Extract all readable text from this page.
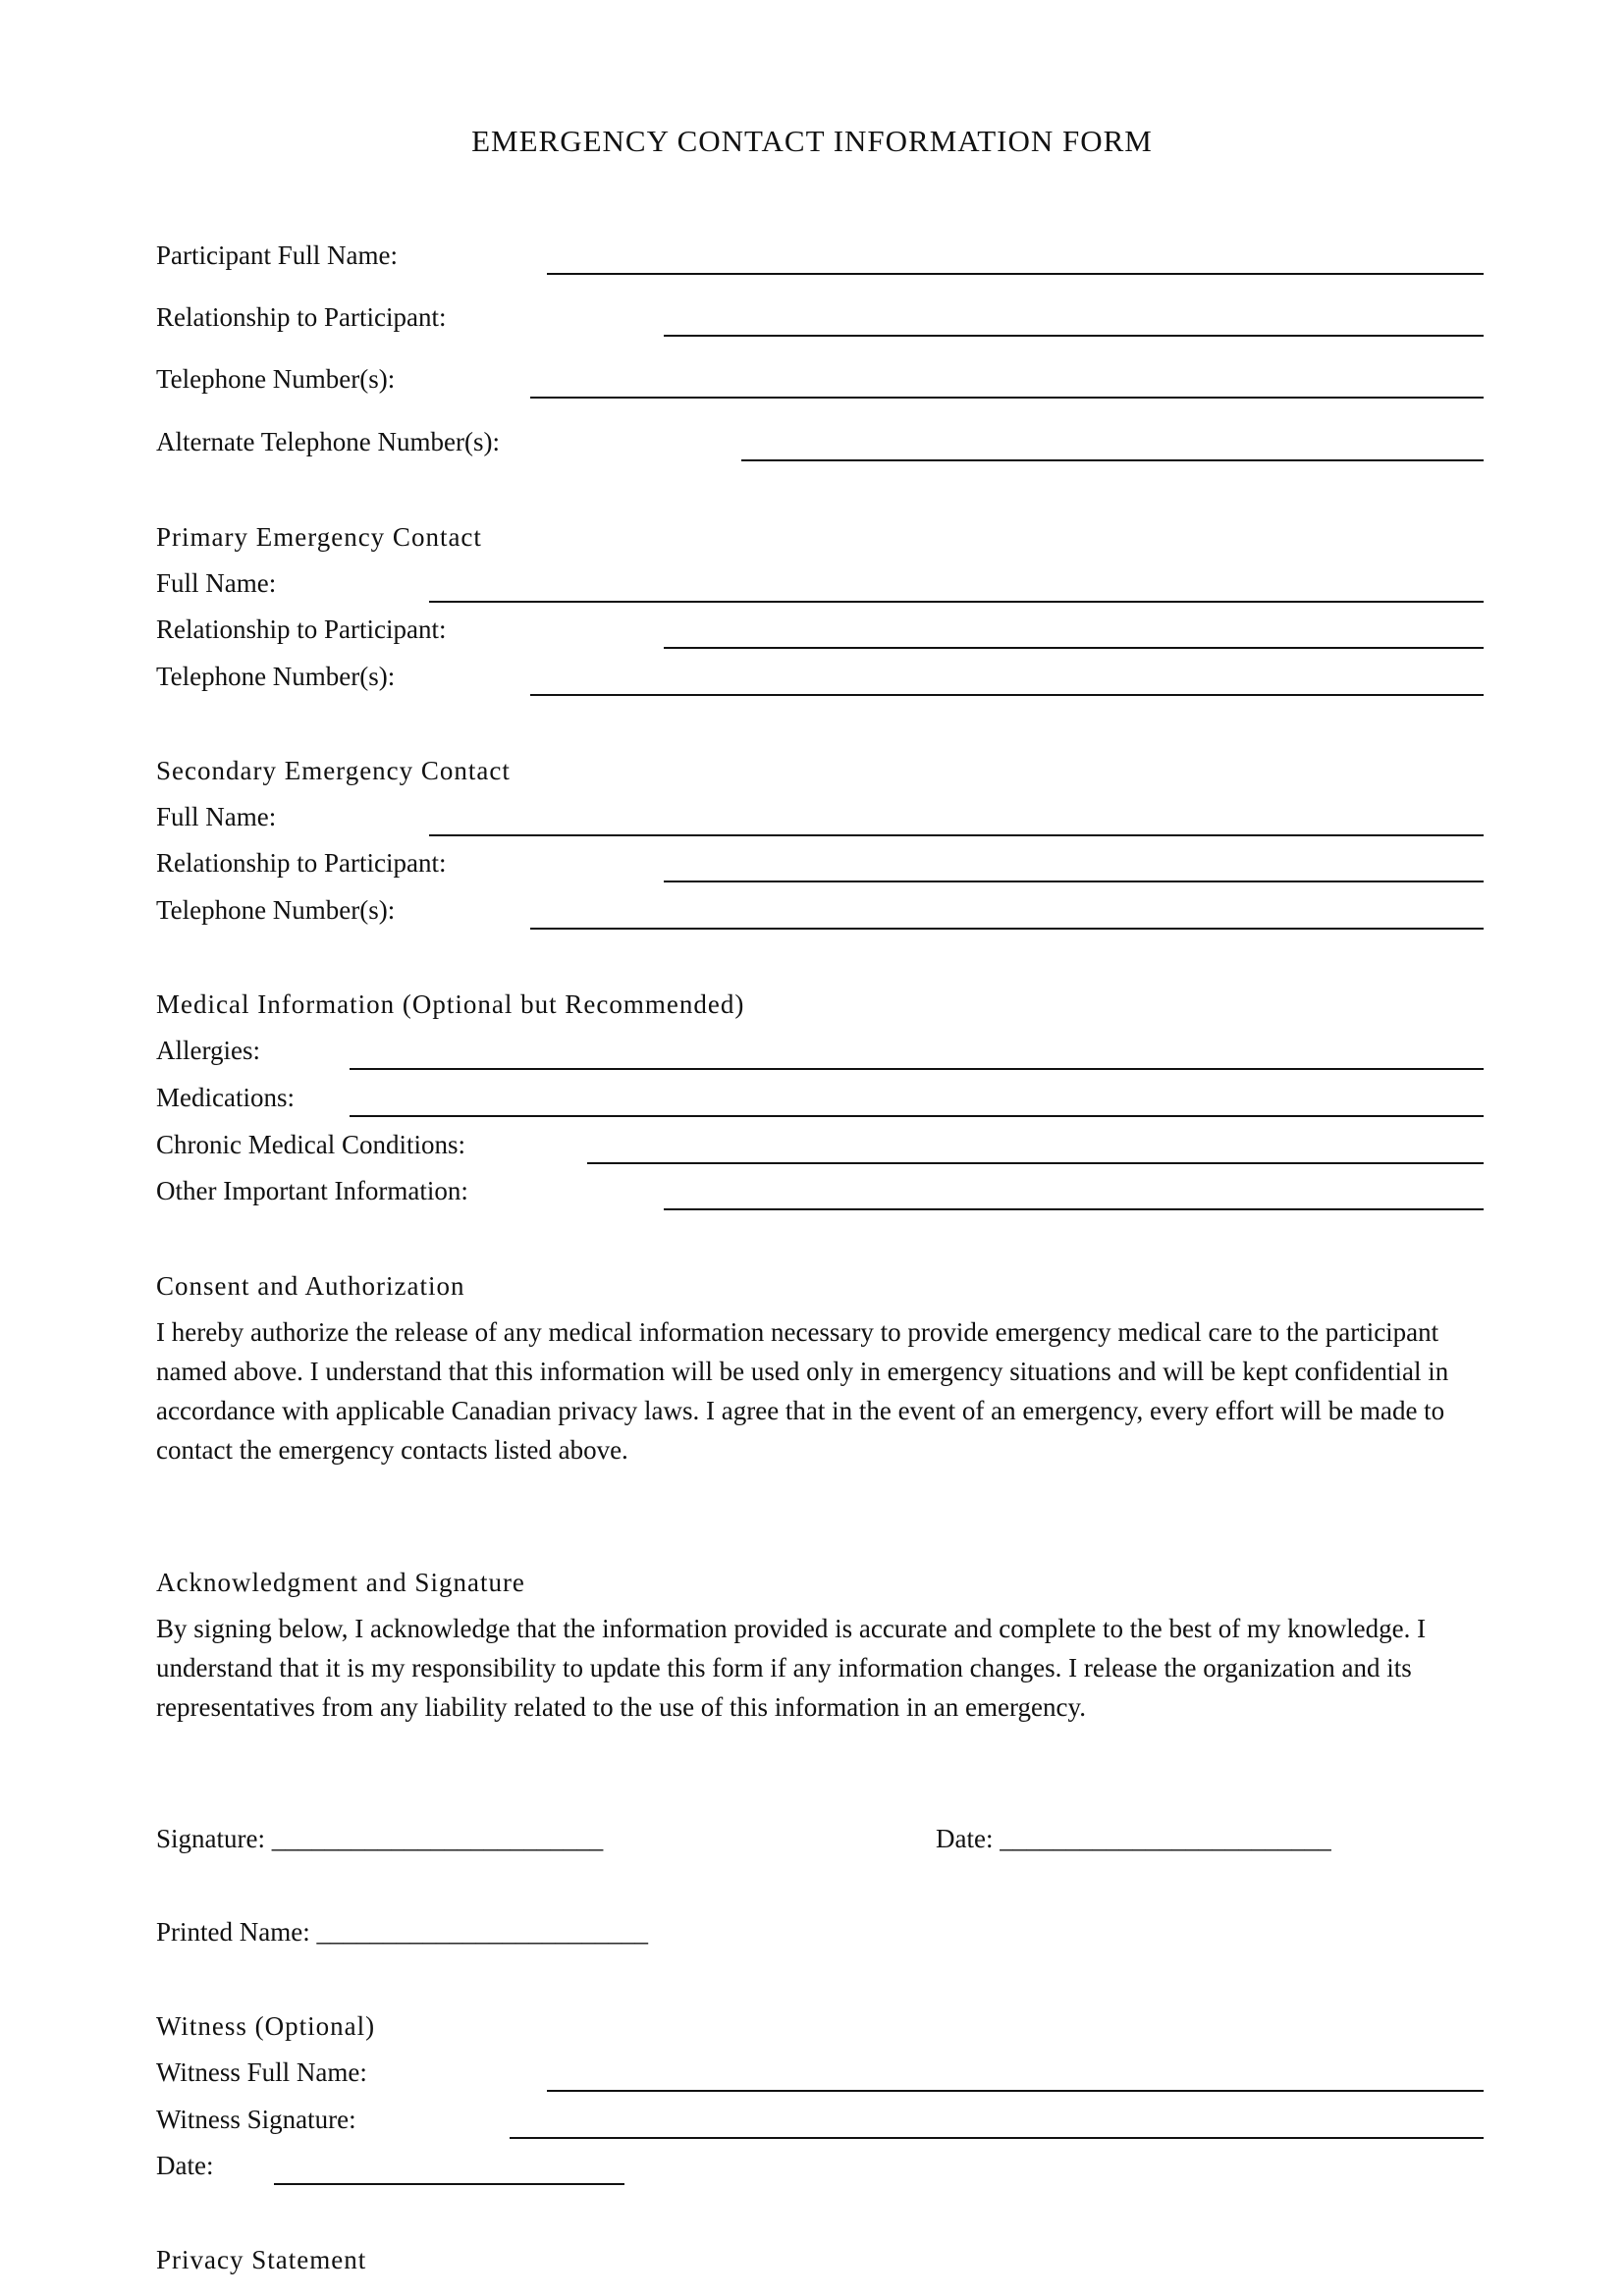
EMERGENCY CONTACT INFORMATION FORM
Participant Full Name:
Relationship to Participant:
Telephone Number(s):
Alternate Telephone Number(s):
Primary Emergency Contact
Full Name:
Relationship to Participant:
Telephone Number(s):
Secondary Emergency Contact
Full Name:
Relationship to Participant:
Telephone Number(s):
Medical Information (Optional but Recommended)
Allergies:
Medications:
Chronic Medical Conditions:
Other Important Information:
Consent and Authorization
I hereby authorize the release of any medical information necessary to provide emergency medical care to the participant named above. I understand that this information will be used only in emergency situations and will be kept confidential in accordance with applicable Canadian privacy laws. I agree that in the event of an emergency, every effort will be made to contact the emergency contacts listed above.
Acknowledgment and Signature
By signing below, I acknowledge that the information provided is accurate and complete to the best of my knowledge. I understand that it is my responsibility to update this form if any information changes. I release the organization and its representatives from any liability related to the use of this information in an emergency.
Signature: _________________________	Date: _________________________
Printed Name: _________________________
Witness (Optional)
Witness Full Name:
Witness Signature:
Date:
Privacy Statement
